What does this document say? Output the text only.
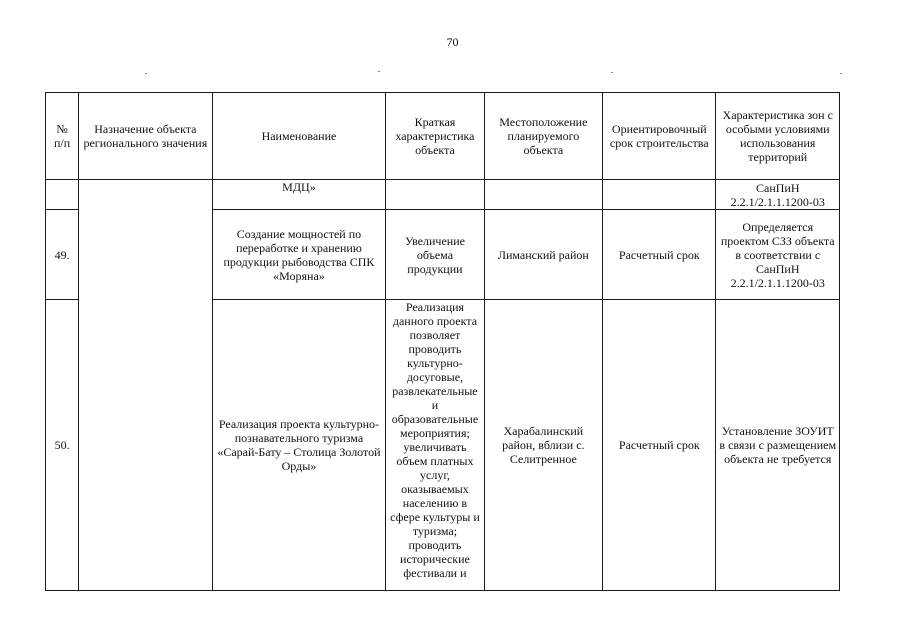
70
№
п/п	Назначение объекта регионального значения	Наименование	Краткая характеристика объекта	Местоположение планируемого объекта	Ориентировочный срок строительства	Характеристика зон с особыми условиями использования территорий
		МДЦ»				СанПиН 2.2.1/2.1.1.1200-03
49.		Создание мощностей по переработке и хранению продукции рыбоводства СПК «Моряна»	Увеличение объема продукции	Лиманский район	Расчетный срок	Определяется проектом СЗЗ объекта в соответствии с СанПиН 2.2.1/2.1.1.1200-03
50.		Реализация проекта культурно-познавательного туризма «Сарай-Бату – Столица Золотой Орды»	Реализация данного проекта позволяет проводить культурно-досуговые, развлекательные и образовательные мероприятия; увеличивать объем платных услуг, оказываемых населению в сфере культуры и туризма; проводить исторические фестивали и	Харабалинский район, вблизи с. Селитренное	Расчетный срок	Установление ЗОУИТ в связи с размещением объекта не требуется
